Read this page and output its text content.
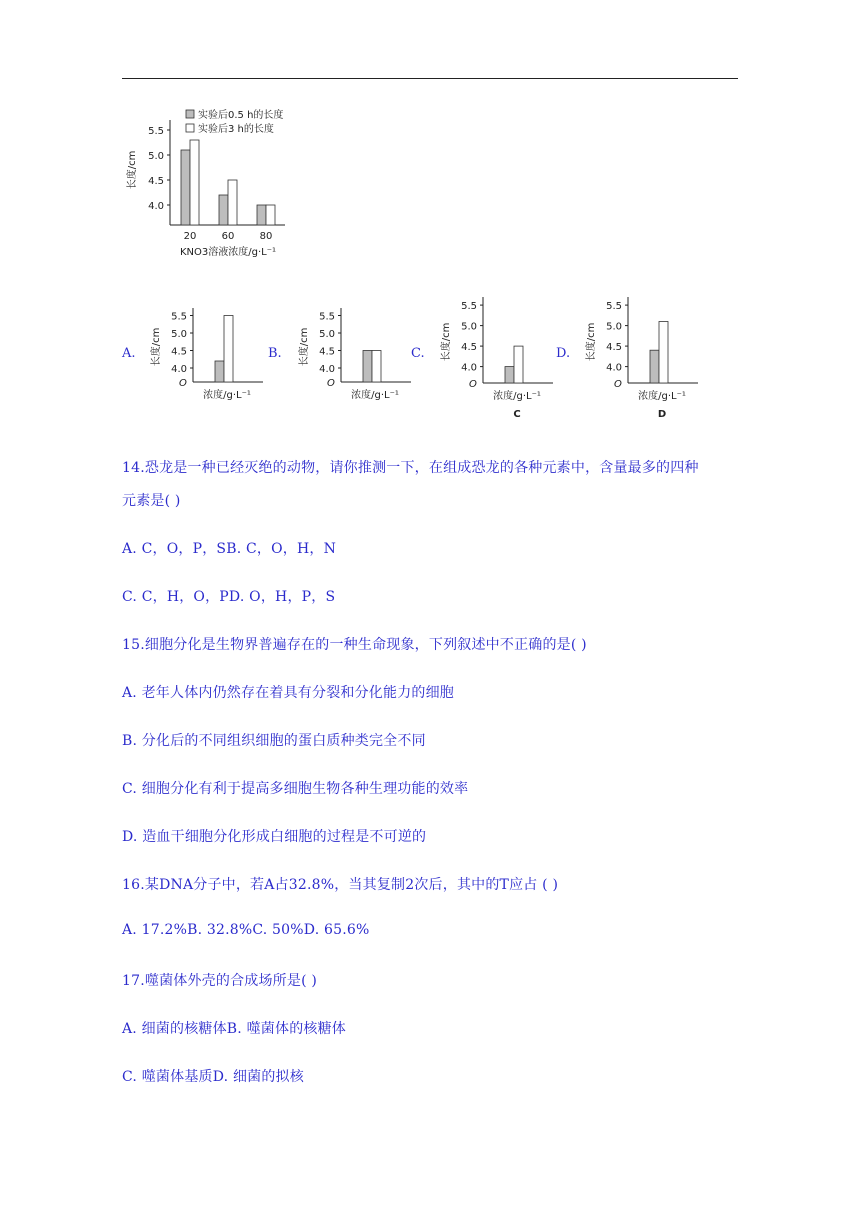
实验后0.5 h的长度
实验后3 h的长度
4.0
4.5
5.0
5.5
长度/cm
20	60	80
KNO3溶液浓度/g·L⁻¹
A.
4.0
4.5
5.0
5.5
长度/cm
O
浓度/g·L⁻¹
B.
4.0
4.5
5.0
5.5
长度/cm
O
浓度/g·L⁻¹
C.
4.0
4.5
5.0
5.5
长度/cm
O
浓度/g·L⁻¹
C
D.
4.0
4.5
5.0
5.5
长度/cm
O
浓度/g·L⁻¹
D
14.恐龙是一种已经灭绝的动物，请你推测一下，在组成恐龙的各种元素中，含量最多的四种
元素是( )
A. C，O，P，SB. C，O，H，N
C. C，H，O，PD. O，H，P，S
15.细胞分化是生物界普遍存在的一种生命现象，下列叙述中不正确的是( )
A. 老年人体内仍然存在着具有分裂和分化能力的细胞
B. 分化后的不同组织细胞的蛋白质种类完全不同
C. 细胞分化有利于提高多细胞生物各种生理功能的效率
D. 造血干细胞分化形成白细胞的过程是不可逆的
16.某DNA分子中，若A占32.8%，当其复制2次后，其中的T应占 ( )
A. 17.2%B. 32.8%C. 50%D. 65.6%
17.噬菌体外壳的合成场所是( )
A. 细菌的核糖体B. 噬菌体的核糖体
C. 噬菌体基质D. 细菌的拟核
